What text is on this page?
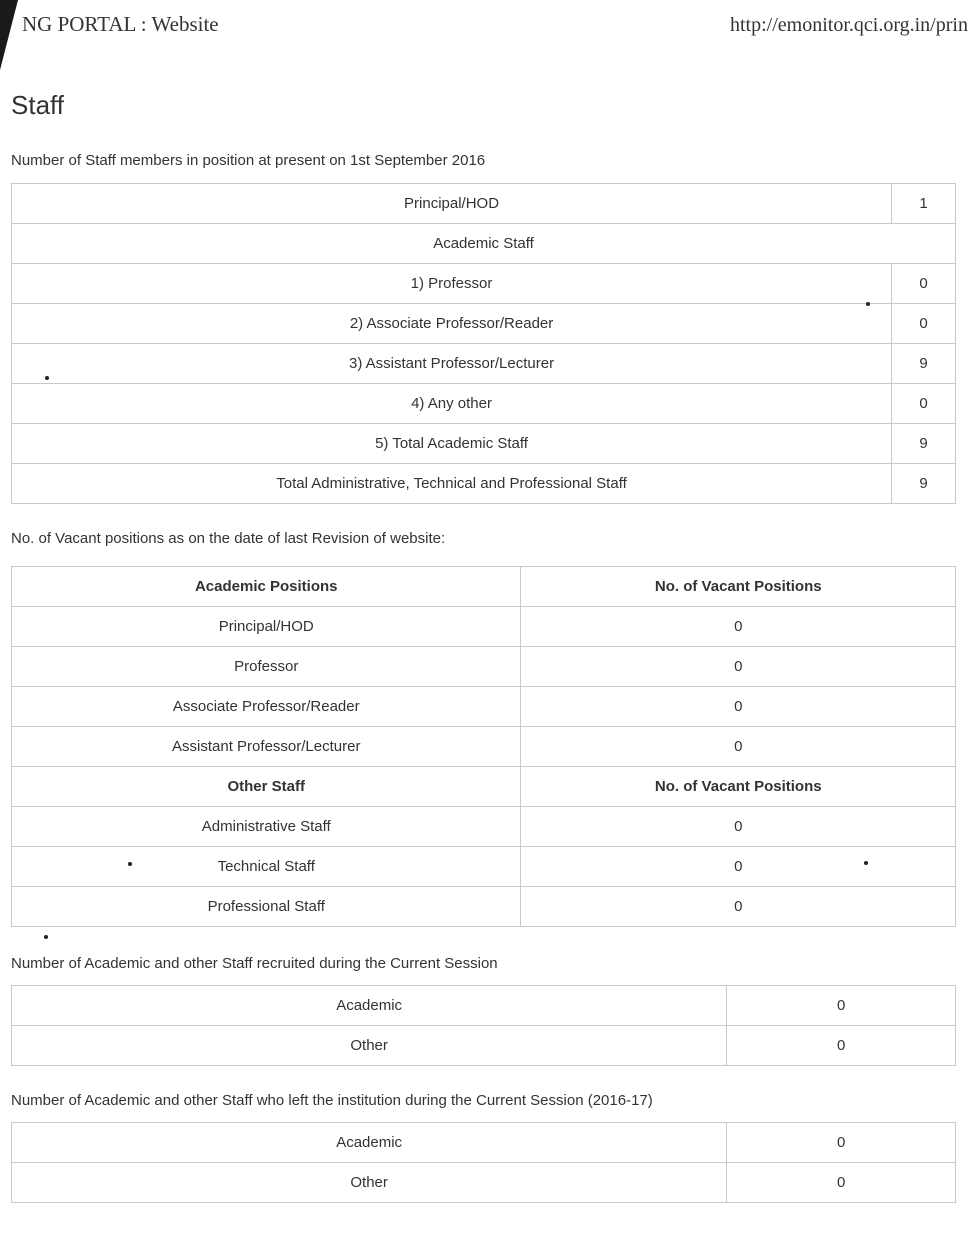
NG PORTAL : Website	http://emonitor.qci.org.in/prin
Staff
Number of Staff members in position at present on 1st September 2016
Principal/HOD	1
Academic Staff	
1) Professor	0
2) Associate Professor/Reader	0
3) Assistant Professor/Lecturer	9
4) Any other	0
5) Total Academic Staff	9
Total Administrative, Technical and Professional Staff	9
No. of Vacant positions as on the date of last Revision of website:
Academic Positions	No. of Vacant Positions
Principal/HOD	0
Professor	0
Associate Professor/Reader	0
Assistant Professor/Lecturer	0
Other Staff	No. of Vacant Positions
Administrative Staff	0
Technical Staff	0
Professional Staff	0
Number of Academic and other Staff recruited during the Current Session
Academic	0
Other	0
Number of Academic and other Staff who left the institution during the Current Session (2016-17)
Academic	0
Other	0
